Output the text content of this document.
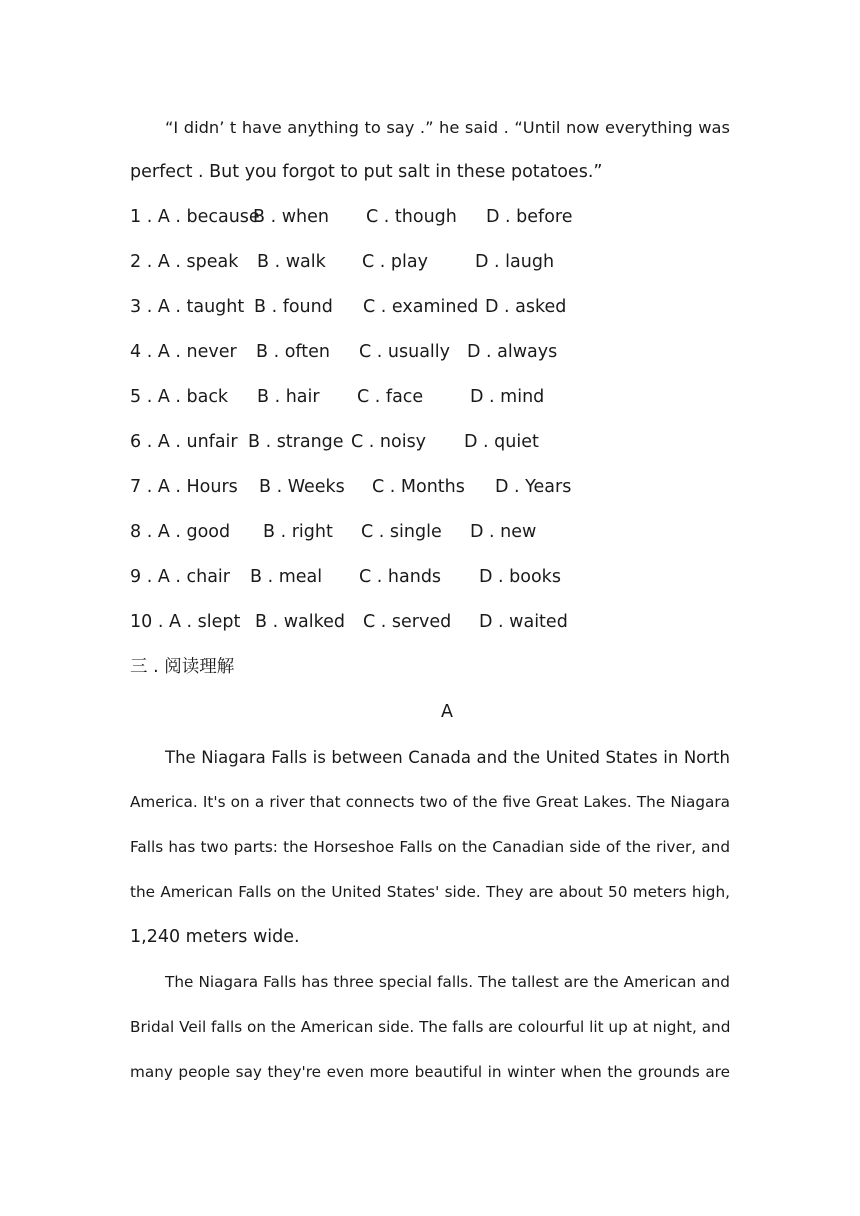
“I didn’ t have anything to say .” he said . “Until now everything was
perfect . But you forgot to put salt in these potatoes.”
1 . A . because
B . when C . though D . before
2 . A . speak B . walk C . play	D . laugh
3 . A . taught B . found C . examined D . asked
4 . A . never B . often C . usually D . always
5 . A . back B . hair C . face	D . mind
6 . A . unfair B . strange C . noisy D . quiet
7 . A . Hours B . Weeks C . Months D . Years
8 . A . good B . right C . single D . new
9 . A . chair B . meal C . hands D . books
10 . A . slept B . walked C . served D . waited
三 . 阅读理解
A
The Niagara Falls is between Canada and the United States in North
America. It's on a river that connects two of the five Great Lakes. The Niagara
Falls has two parts: the Horseshoe Falls on the Canadian side of the river, and
the American Falls on the United States' side. They are about 50 meters high,
1,240 meters wide.
The Niagara Falls has three special falls. The tallest are the American and
Bridal Veil falls on the American side. The falls are colourful lit up at night, and
many people say they're even more beautiful in winter when the grounds are
